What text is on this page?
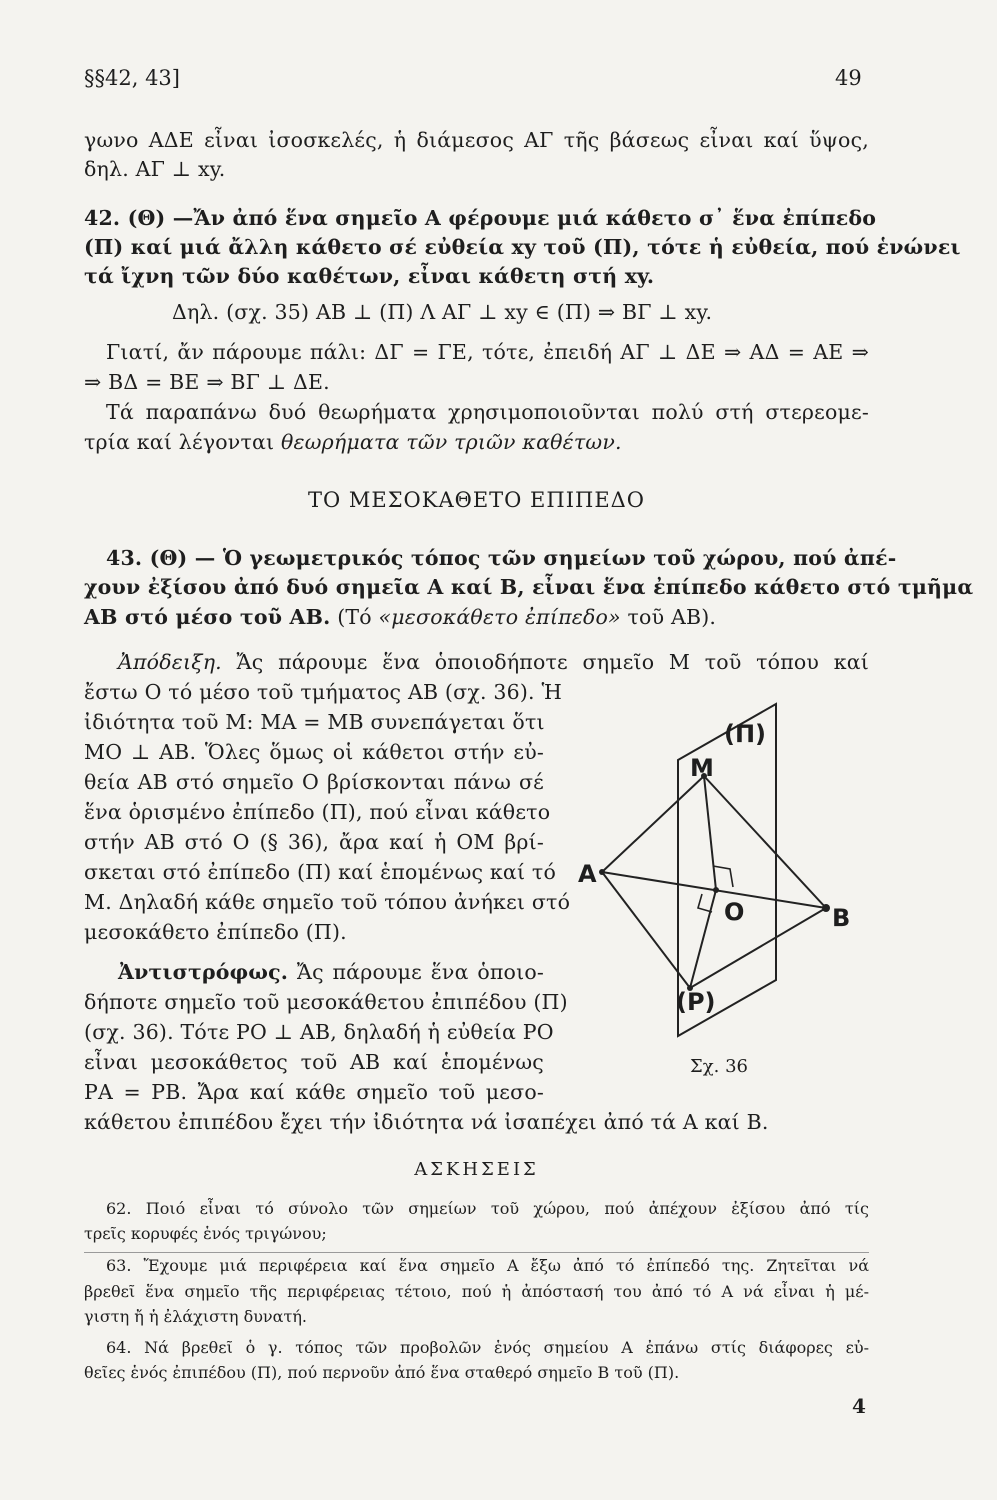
§§42, 43]	49
γωνο ΑΔΕ εἶναι ἰσοσκελές, ἡ διάμεσος ΑΓ τῆς βάσεως εἶναι καί ὕψος,
δηλ. ΑΓ ⊥ xy.
42. (Θ) —Ἄν ἀπό ἕνα σημεῖο Α φέρουμε μιά κάθετο σ᾽ ἕνα ἐπίπεδο
(Π) καί μιά ἄλλη κάθετο σέ εὐθεία xy τοῦ (Π), τότε ἡ εὐθεία, πού ἑνώνει
τά ἴχνη τῶν δύο καθέτων, εἶναι κάθετη στή xy.
Δηλ. (σχ. 35) ΑΒ ⊥ (Π) Λ ΑΓ ⊥ xy ∈ (Π) ⇒ ΒΓ ⊥ xy.
Γιατί, ἄν πάρουμε πάλι: ΔΓ = ΓΕ, τότε, ἐπειδή ΑΓ ⊥ ΔΕ ⇒ ΑΔ = ΑΕ ⇒
⇒ ΒΔ = ΒΕ ⇒ ΒΓ ⊥ ΔΕ.
Τά παραπάνω δυό θεωρήματα χρησιμοποιοῦνται πολύ στή στερεομε-
τρία καί λέγονται θεωρήματα τῶν τριῶν καθέτων.
ΤΟ ΜΕΣΟΚΑΘΕΤΟ ΕΠΙΠΕΔΟ
43. (Θ) — Ὁ γεωμετρικός τόπος τῶν σημείων τοῦ χώρου, πού ἀπέ-
χουν ἐξίσου ἀπό δυό σημεῖα Α καί Β, εἶναι ἕνα ἐπίπεδο κάθετο στό τμῆμα
ΑΒ στό μέσο τοῦ ΑΒ. (Τό «μεσοκάθετο ἐπίπεδο» τοῦ ΑΒ).
Ἀπόδειξη. Ἄς πάρουμε ἕνα ὁποιοδήποτε σημεῖο Μ τοῦ τόπου καί
ἔστω Ο τό μέσο τοῦ τμήματος ΑΒ (σχ. 36). Ἡ
ἰδιότητα τοῦ Μ: ΜΑ = ΜΒ συνεπάγεται ὅτι
ΜΟ ⊥ ΑΒ. Ὅλες ὅμως οἱ κάθετοι στήν εὐ-
θεία ΑΒ στό σημεῖο Ο βρίσκονται πάνω σέ
ἕνα ὁρισμένο ἐπίπεδο (Π), πού εἶναι κάθετο
στήν ΑΒ στό Ο (§ 36), ἄρα καί ἡ ΟΜ βρί-
σκεται στό ἐπίπεδο (Π) καί ἑπομένως καί τό
Μ. Δηλαδή κάθε σημεῖο τοῦ τόπου ἀνήκει στό
μεσοκάθετο ἐπίπεδο (Π).
Ἀντιστρόφως. Ἄς πάρουμε ἕνα ὁποιο-
δήποτε σημεῖο τοῦ μεσοκάθετου ἐπιπέδου (Π)
(σχ. 36). Τότε ΡΟ ⊥ ΑΒ, δηλαδή ἡ εὐθεία ΡΟ
εἶναι μεσοκάθετος τοῦ ΑΒ καί ἑπομένως
ΡΑ = ΡΒ. Ἄρα καί κάθε σημεῖο τοῦ μεσο-
κάθετου ἐπιπέδου ἔχει τήν ἰδιότητα νά ἰσαπέχει ἀπό τά Α καί Β.
(Π)
Μ
Α
Ο	Β
(Ρ)
Σχ. 36
ΑΣΚΗΣΕΙΣ
62. Ποιό εἶναι τό σύνολο τῶν σημείων τοῦ χώρου, πού ἀπέχουν ἐξίσου ἀπό τίς
τρεῖς κορυφές ἑνός τριγώνου;
63. Ἔχουμε μιά περιφέρεια καί ἕνα σημεῖο Α ἔξω ἀπό τό ἐπίπεδό της. Ζητεῖται νά
βρεθεῖ ἕνα σημεῖο τῆς περιφέρειας τέτοιο, πού ἡ ἀπόστασή του ἀπό τό Α νά εἶναι ἡ μέ-
γιστη ἤ ἡ ἐλάχιστη δυνατή.
64. Νά βρεθεῖ ὁ γ. τόπος τῶν προβολῶν ἑνός σημείου Α ἐπάνω στίς διάφορες εὐ-
θεῖες ἑνός ἐπιπέδου (Π), πού περνοῦν ἀπό ἕνα σταθερό σημεῖο Β τοῦ (Π).
4
